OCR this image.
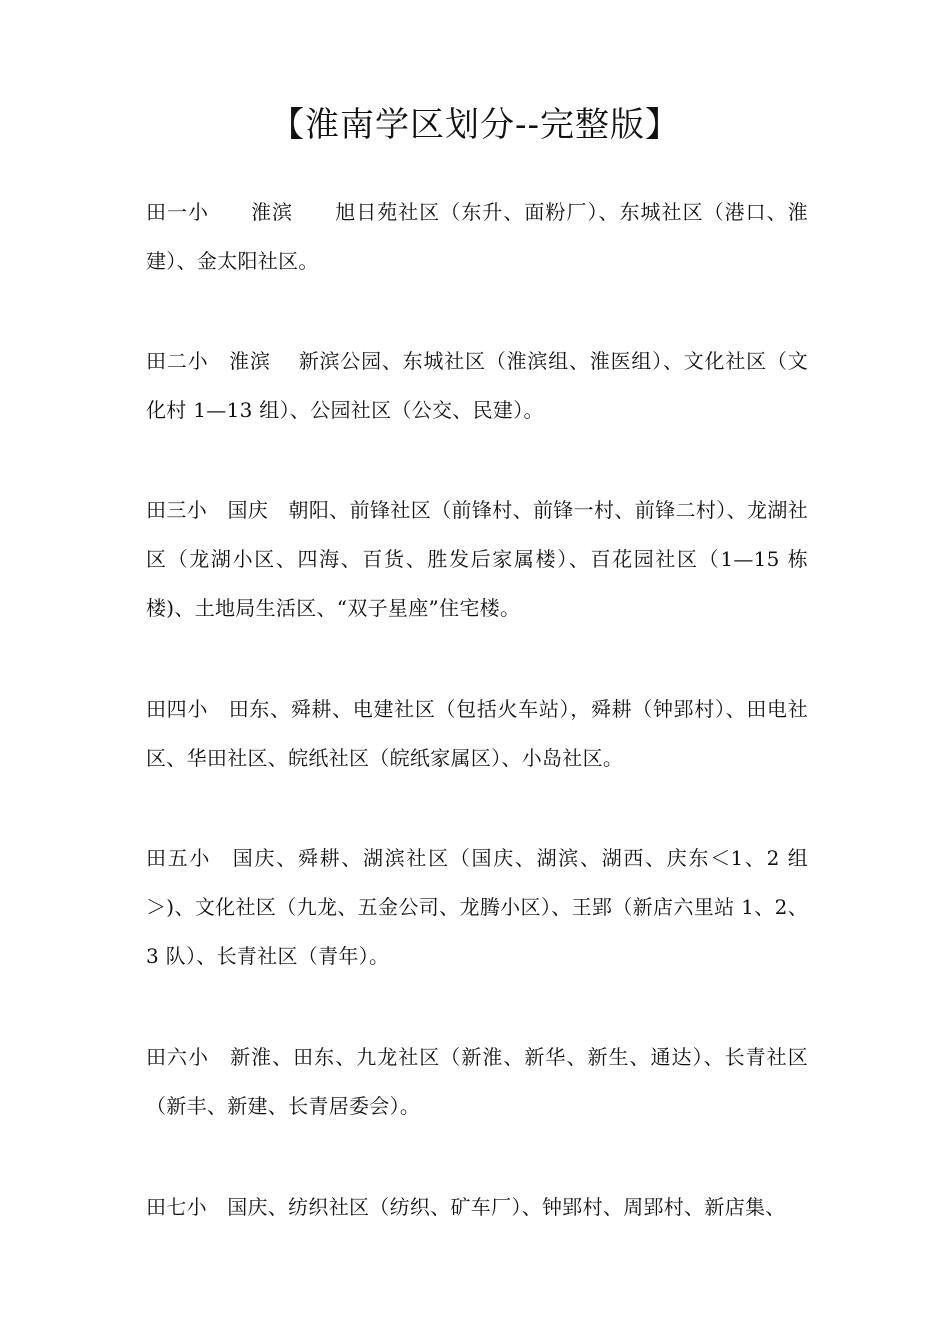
【淮南学区划分--完整版】
田一小　　淮滨　　旭日苑社区（东升、面粉厂）、东城社区（港口、淮建）、金太阳社区。
田二小　淮滨　 新滨公园、东城社区（淮滨组、淮医组）、文化社区（文化村 1—13 组）、公园社区（公交、民建）。
田三小　国庆　朝阳、前锋社区（前锋村、前锋一村、前锋二村）、龙湖社区（龙湖小区、四海、百货、胜发后家属楼）、百花园社区（1—15 栋楼)、土地局生活区、“双子星座”住宅楼。
田四小　田东、舜耕、电建社区（包括火车站），舜耕（钟郢村）、田电社区、华田社区、皖纸社区（皖纸家属区）、小岛社区。
田五小　国庆、舜耕、湖滨社区（国庆、湖滨、湖西、庆东＜1、2 组＞)、文化社区（九龙、五金公司、龙腾小区）、王郢（新店六里站 1、2、3 队）、长青社区（青年）。
田六小　新淮、田东、九龙社区（新淮、新华、新生、通达）、长青社区（新丰、新建、长青居委会）。
田七小　国庆、纺织社区（纺织、矿车厂）、钟郢村、周郢村、新店集、
